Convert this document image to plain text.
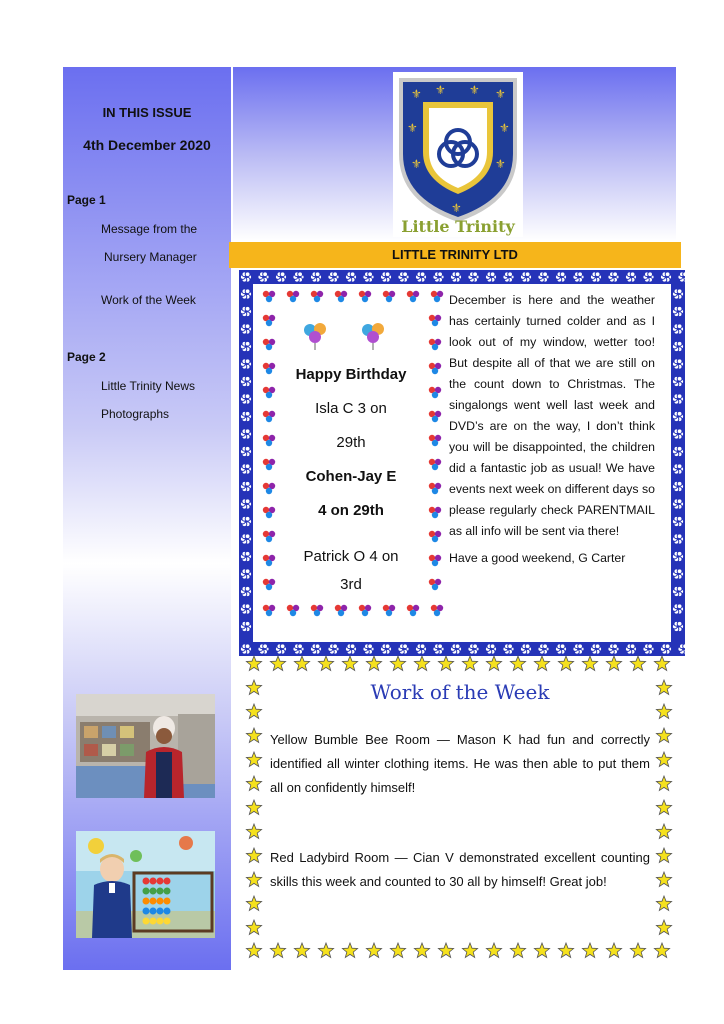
IN THIS ISSUE
4th December 2020
Page 1
Message from the
Nursery Manager
Work of the Week
Page 2
Little Trinity News
Photographs
⚜ ⚜ ⚜ ⚜
⚜	⚜
⚜	⚜
⚜
Little Trinity
LITTLE TRINITY LTD
Happy Birthday
Isla C 3 on
29th
Cohen-Jay E
4 on 29th
Patrick O 4 on
3rd

December is here and the weather has certainly turned colder and as I look out of my window, wetter too! But despite all of that we are still on the count down to Christmas. The singalongs went well last week and DVD’s are on the way, I don’t think you will be disappointed, the children did a fantastic job as usual! We have events next week on different days so please regularly check PARENTMAIL as all info will be sent via there!

Have a good weekend, G Carter

Work of the Week
Yellow Bumble Bee Room — Mason K had fun and correctly identified all winter clothing items. He was then able to put them all on confidently himself!
Red Ladybird Room — Cian V demonstrated excellent counting skills this week and counted to 30 all by himself! Great job!
